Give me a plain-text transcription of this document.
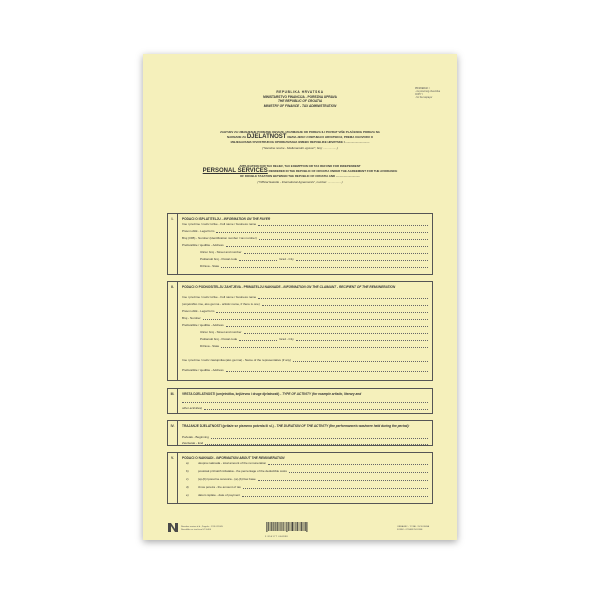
REPUBLIKA HRVATSKA
MINISTARSTVO FINANCIJA - POREZNA UPRAVA
THE REPUBLIC OF CROATIA
MINISTRY OF FINANCE - TAX ADMINISTRATION
PRIMJERAK I
- za poreznog obveznika
COPY I
- for the taxpayer
ZAHTJEV ZA UMANJENJE POREZNE OBVEZE, IZUZIMANJE OD POREZA ILI POVRAT VIŠE PLAĆENOG POREZA NA
NAKNADE ZA DJELATNOST OBAVLJENU U REPUBLICI HRVATSKOJ, PREMA UGOVORU O
IZBJEGAVANJU DVOSTRUKOG OPOREZIVANJA IZMEĐU REPUBLIKE HRVATSKE I ..............................
("Narodne novine - Međunarodni ugovori", broj: .................)
APPLICATION FOR TAX RELIEF, TAX EXEMPTION OR TAX REFUND FOR INDEPENDENT
PERSONAL SERVICES RENDERED IN THE REPUBLIC OF CROATIA UNDER THE AGREEMENT FOR THE AVOIDANCE
OF DOUBLE TAXATION BETWEEN THE REPUBLIC OF CROATIA AND ..............................
("Official Gazette - International Agreements", number: .................)
I.	PODACI O ISPLATITELJU - INFORMATION ON THE PAYER
Ime i prezime / naziv tvrtke - Full name / business name
Pravni oblik - Legal form
Broj (OIB) - Number (identification number / tax number)
Prebivalište / sjedište - Address
Ulica i broj - Street and number
Poštanski broj - Postal code	Grad - City
Država - State
II.	PODACI O PODNOSITELJU ZAHTJEVA - PRIMATELJU NAKNADE - INFORMATION ON THE CLAIMANT - RECIPIENT OF THE REMUNERATION
Ime i prezime / naziv tvrtke - Full name / business name
(umjetničko ime, ako ga ima - artistic name, if there is one)
Pravni oblik - Legal form
Broj - Number
Prebivalište / sjedište - Address
Ulica i broj - Street and number
Poštanski broj - Postal code	Grad - City
Država - State
Ime i prezime / naziv zastupnika (ako ga ima) - Name of the representative (if any)
Prebivalište / sjedište - Address
III.	VRSTA DJELATNOSTI (umjetnička, književna i druge djelatnosti) - TYPE OF ACTIVITY (for example artistic, literary and
other activities)
IV.	TRAJANJE DJELATNOSTI (prilaže se pismeno potvrda ili sl.) - THE DURATION OF THE ACTIVITY (the performance/s was/were held during the period):
Početak - Beginning
Završetak - End
V.	PODACI O NAKNADI - INFORMATION ABOUT THE REMUNERATION
a)	ukupna naknada - total amount of the remuneration
b)	postotak priznatih izdataka - the percentage of the deductible costs
c)	(a)-(b)=porezna osnovica - (a)-(b)=tax base
d)	iznos poreza - the amount of tax
e)	datum isplate - date of payment
Narodne novine d.d., Zagreb - 1/15 011005
Narudžba se izvršava UT-4404
3 850177 006988
OBRAZAC - TOTAL / DODOERA
FORM - OTHER INCOME
